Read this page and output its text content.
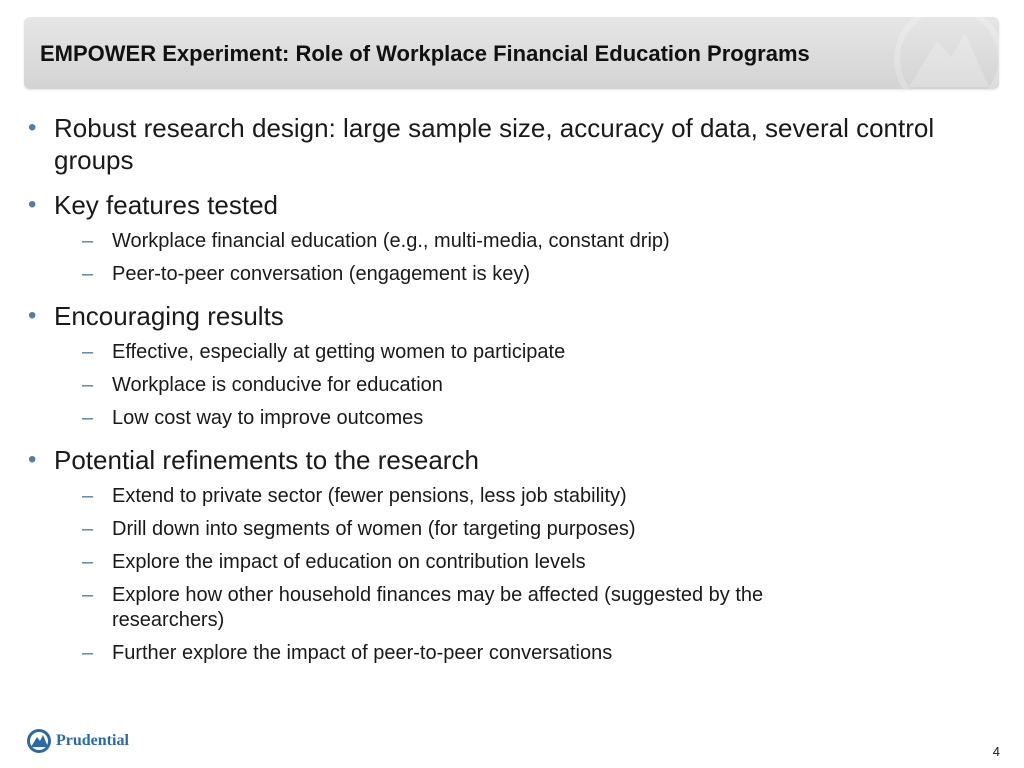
EMPOWER Experiment: Role of Workplace Financial Education Programs
• Robust research design: large sample size, accuracy of data, several control groups
• Key features tested
– Workplace financial education (e.g., multi-media, constant drip)
– Peer-to-peer conversation (engagement is key)
• Encouraging results
– Effective, especially at getting women to participate
– Workplace is conducive for education
– Low cost way to improve outcomes
• Potential refinements to the research
– Extend to private sector (fewer pensions, less job stability)
– Drill down into segments of women (for targeting purposes)
– Explore the impact of education on contribution levels
– Explore how other household finances may be affected (suggested by the researchers)
– Further explore the impact of peer-to-peer conversations
Prudential
4
